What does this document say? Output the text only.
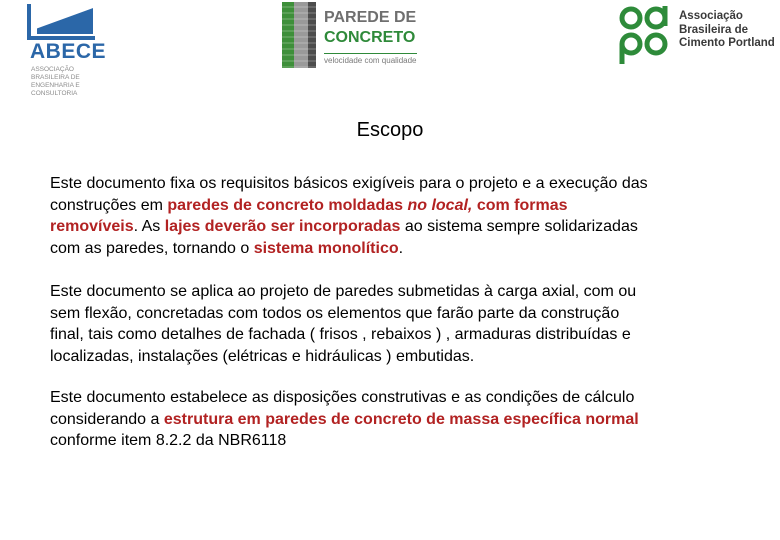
ABECE
ASSOCIAÇÃO
BRASILEIRA DE
ENGENHARIA E
CONSULTORIA
PAREDE DE
CONCRETO
velocidade com qualidade
Associação
Brasileira de
Cimento Portland
Escopo
Este documento fixa os requisitos básicos exigíveis para o projeto e a execução das
construções em paredes de concreto moldadas no local, com formas
removíveis. As lajes deverão ser incorporadas ao sistema sempre solidarizadas
com as paredes, tornando o sistema monolítico.
Este documento se aplica ao projeto de paredes submetidas à carga axial, com ou
sem flexão, concretadas com todos os elementos que farão parte da construção
final, tais como detalhes de fachada ( frisos , rebaixos ) , armaduras distribuídas e
localizadas, instalações (elétricas e hidráulicas ) embutidas.
Este documento estabelece as disposições construtivas e as condições de cálculo
considerando a estrutura em paredes de concreto de massa específica normal
conforme item 8.2.2 da NBR6118
